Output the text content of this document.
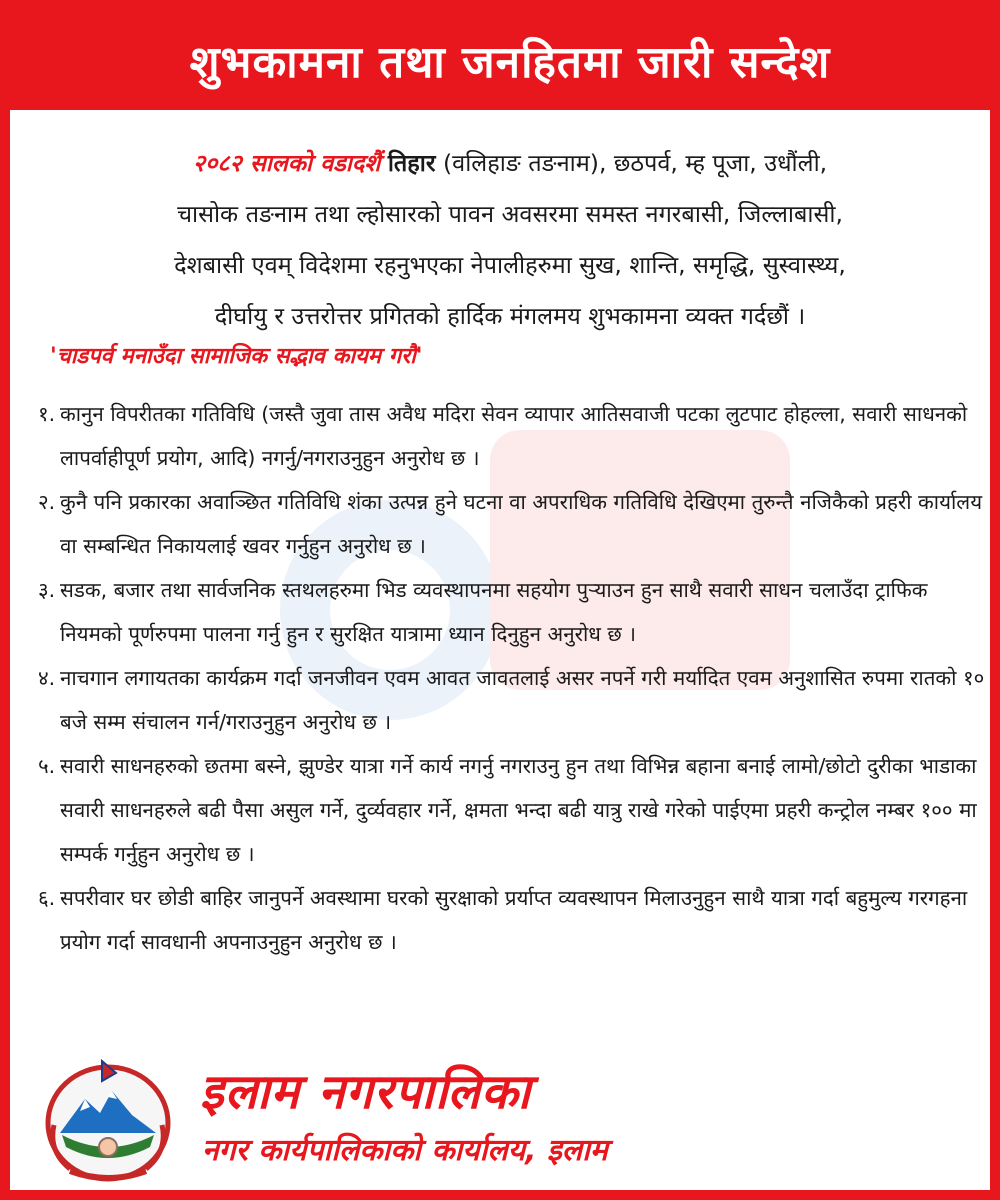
शुभकामना तथा जनहितमा जारी सन्देश
२०८२ सालको वडादशैं तिहार (वलिहाङ तङनाम), छठपर्व, म्ह पूजा, उधौंली,
चासोक तङनाम तथा ल्होसारको पावन अवसरमा समस्त नगरबासी, जिल्लाबासी,
देशबासी एवम् विदेशमा रहनुभएका नेपालीहरुमा सुख, शान्ति, समृद्धि, सुस्वास्थ्य,
दीर्घायु र उत्तरोत्तर प्रगितको हार्दिक मंगलमय शुभकामना व्यक्त गर्दछौं ।
'चाडपर्व मनाउँदा सामाजिक सद्भाव कायम गरौ'
१. कानुन विपरीतका गतिविधि (जस्तै जुवा तास अवैध मदिरा सेवन व्यापार आतिसवाजी पटका लुटपाट होहल्ला, सवारी साधनको लापर्वाहीपूर्ण प्रयोग, आदि) नगर्नु/नगराउनुहुन अनुरोध छ ।
२. कुनै पनि प्रकारका अवाञ्छित गतिविधि शंका उत्पन्न हुने घटना वा अपराधिक गतिविधि देखिएमा तुरुन्तै नजिकैको प्रहरी कार्यालय वा सम्बन्धित निकायलाई खवर गर्नुहुन अनुरोध छ ।
३. सडक, बजार तथा सार्वजनिक स्तथलहरुमा भिड व्यवस्थापनमा सहयोग पुर्‍याउन हुन साथै सवारी साधन चलाउँदा ट्राफिक नियमको पूर्णरुपमा पालना गर्नु हुन र सुरक्षित यात्रामा ध्यान दिनुहुन अनुरोध छ ।
४. नाचगान लगायतका कार्यक्रम गर्दा जनजीवन एवम आवत जावतलाई असर नपर्ने गरी मर्यादित एवम अनुशासित रुपमा रातको १० बजे सम्म संचालन गर्न/गराउनुहुन अनुरोध छ ।
५. सवारी साधनहरुको छतमा बस्ने, झुण्डेर यात्रा गर्ने कार्य नगर्नु नगराउनु हुन तथा विभिन्न बहाना बनाई लामो/छोटो दुरीका भाडाका सवारी साधनहरुले बढी पैसा असुल गर्ने, दुर्व्यवहार गर्ने, क्षमता भन्दा बढी यात्रु राखे गरेको पाईएमा प्रहरी कन्ट्रोल नम्बर १०० मा सम्पर्क गर्नुहुन अनुरोध छ ।
६. सपरीवार घर छोडी बाहिर जानुपर्ने अवस्थामा घरको सुरक्षाको प्रर्याप्त व्यवस्थापन मिलाउनुहुन साथै यात्रा गर्दा बहुमुल्य गरगहना प्रयोग गर्दा सावधानी अपनाउनुहुन अनुरोध छ ।
इलाम नगरपालिका
नगर कार्यपालिकाको कार्यालय, इलाम
